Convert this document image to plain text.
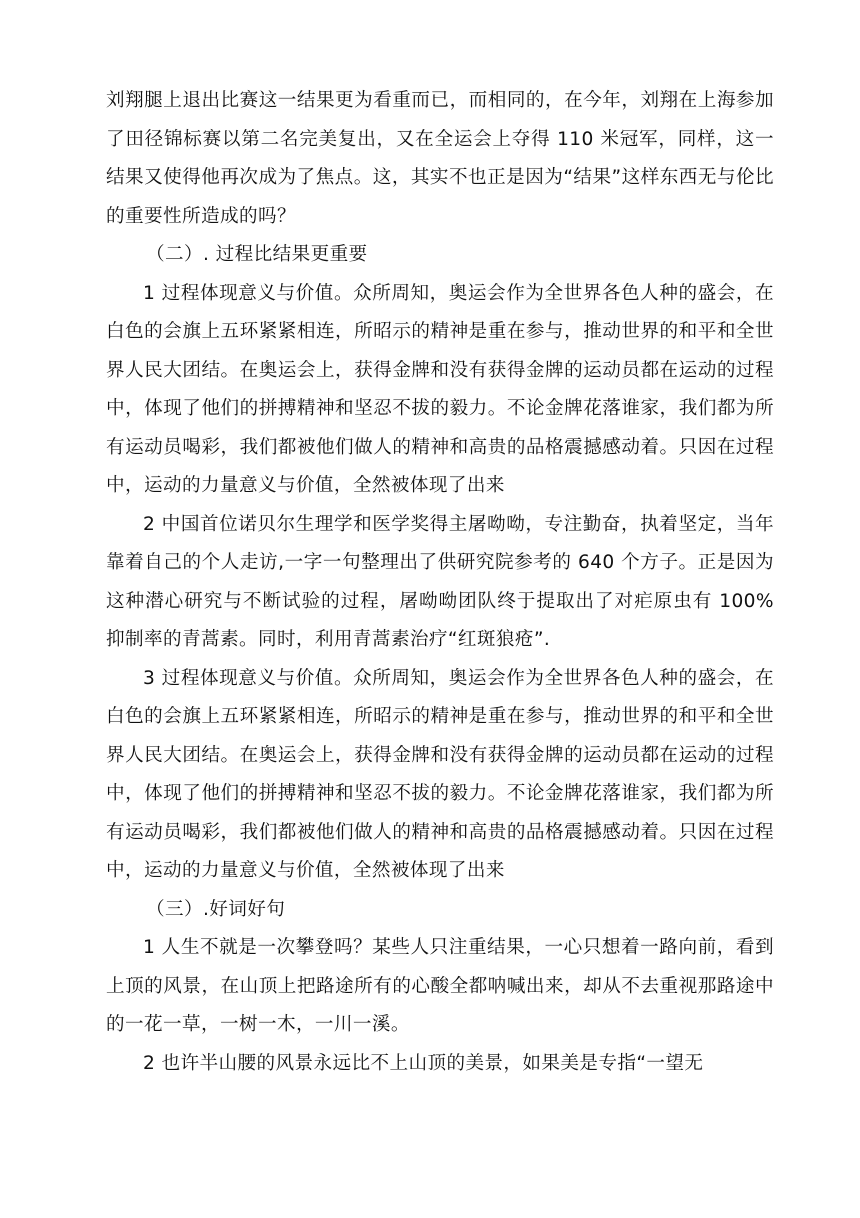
刘翔腿上退出比赛这一结果更为看重而已，而相同的，在今年，刘翔在上海参加了田径锦标赛以第二名完美复出，又在全运会上夺得 110 米冠军，同样，这一结果又使得他再次成为了焦点。这，其实不也正是因为“结果”这样东西无与伦比的重要性所造成的吗？

（二）. 过程比结果更重要

1 过程体现意义与价值。众所周知，奥运会作为全世界各色人种的盛会，在白色的会旗上五环紧紧相连，所昭示的精神是重在参与，推动世界的和平和全世界人民大团结。在奥运会上，获得金牌和没有获得金牌的运动员都在运动的过程中，体现了他们的拼搏精神和坚忍不拔的毅力。不论金牌花落谁家，我们都为所有运动员喝彩，我们都被他们做人的精神和高贵的品格震撼感动着。只因在过程中，运动的力量意义与价值，全然被体现了出来

2 中国首位诺贝尔生理学和医学奖得主屠呦呦，专注勤奋，执着坚定，当年靠着自己的个人走访,一字一句整理出了供研究院参考的 640 个方子。正是因为这种潜心研究与不断试验的过程，屠呦呦团队终于提取出了对疟原虫有 100%抑制率的青蒿素。同时，利用青蒿素治疗“红斑狼疮”.

3 过程体现意义与价值。众所周知，奥运会作为全世界各色人种的盛会，在白色的会旗上五环紧紧相连，所昭示的精神是重在参与，推动世界的和平和全世界人民大团结。在奥运会上，获得金牌和没有获得金牌的运动员都在运动的过程中，体现了他们的拼搏精神和坚忍不拔的毅力。不论金牌花落谁家，我们都为所有运动员喝彩，我们都被他们做人的精神和高贵的品格震撼感动着。只因在过程中，运动的力量意义与价值，全然被体现了出来

（三）.好词好句

1 人生不就是一次攀登吗？某些人只注重结果，一心只想着一路向前，看到上顶的风景，在山顶上把路途所有的心酸全都呐喊出来，却从不去重视那路途中的一花一草，一树一木，一川一溪。

2 也许半山腰的风景永远比不上山顶的美景，如果美是专指“一望无
